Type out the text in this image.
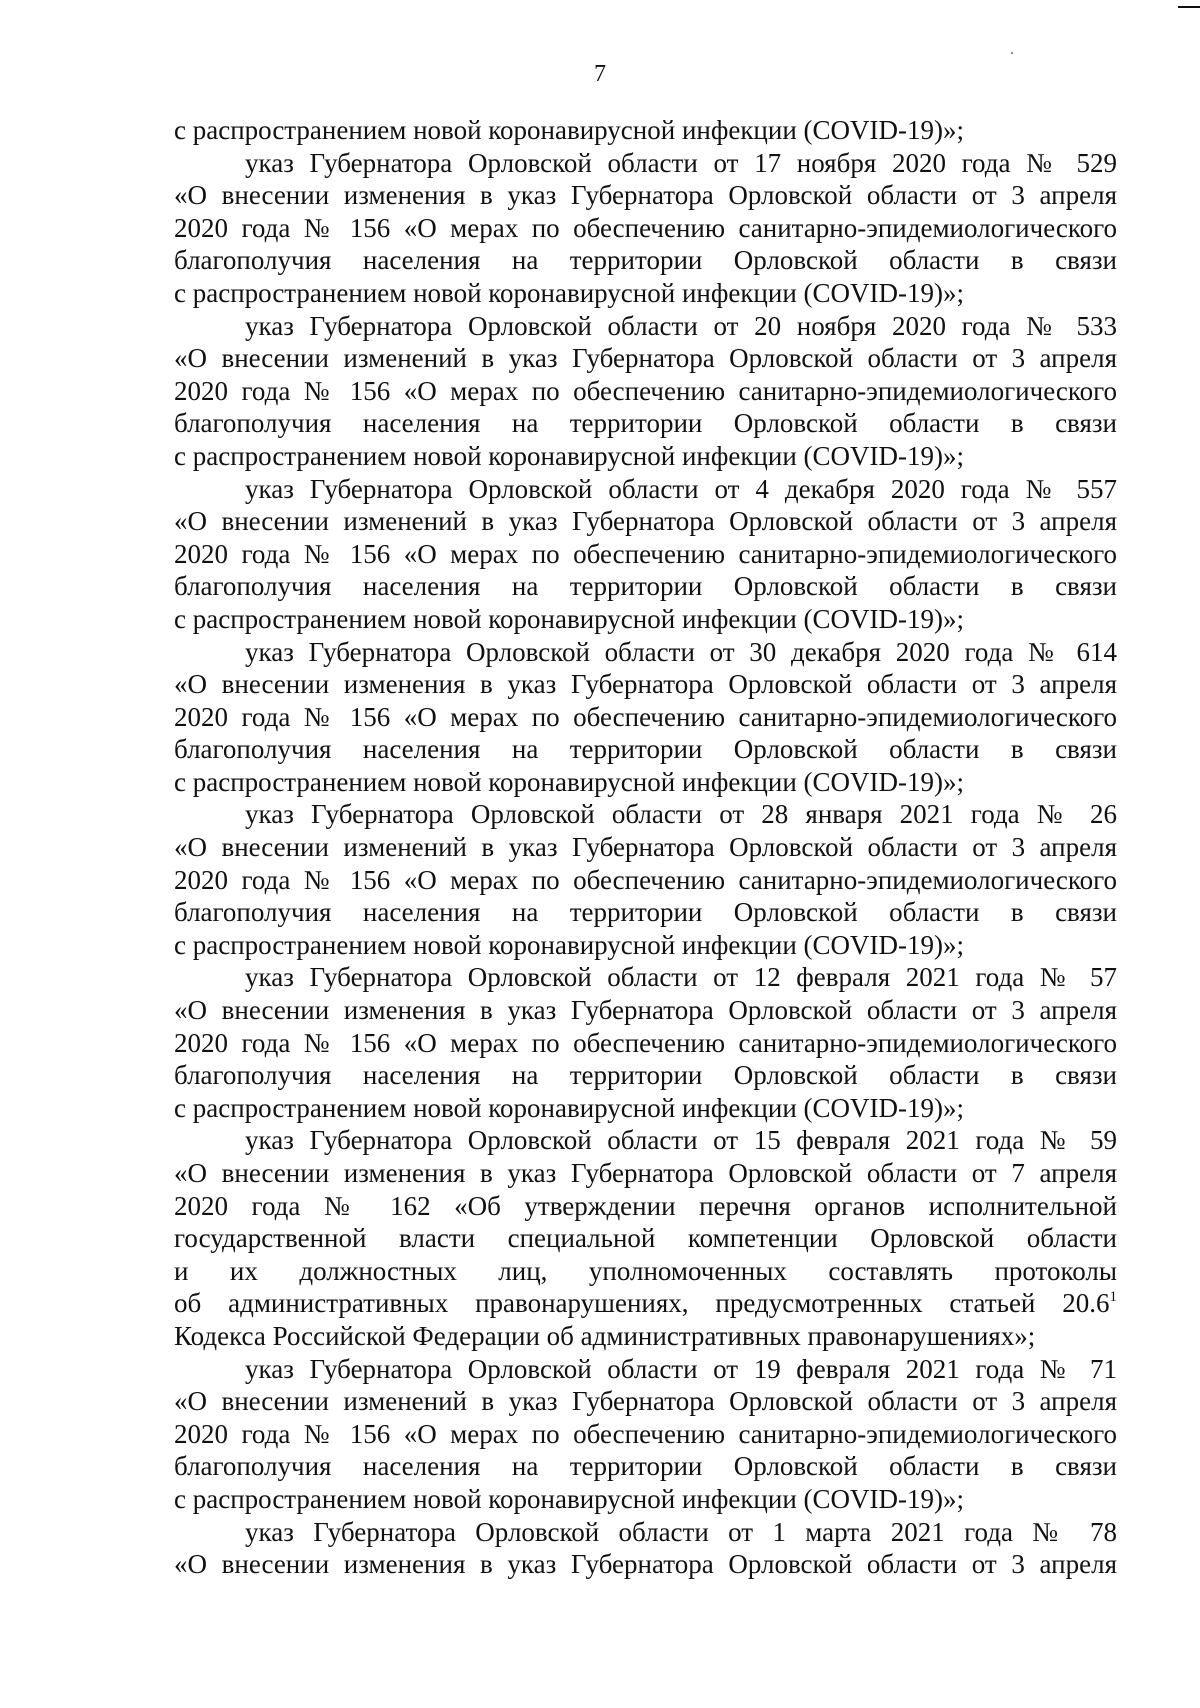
7
с распространением новой коронавирусной инфекции (COVID-19)»;
указ Губернатора Орловской области от 17 ноября 2020 года № 529
«О внесении изменения в указ Губернатора Орловской области от 3 апреля
2020 года № 156 «О мерах по обеспечению санитарно-эпидемиологического
благополучия населения на территории Орловской области в связи
с распространением новой коронавирусной инфекции (COVID-19)»;
указ Губернатора Орловской области от 20 ноября 2020 года № 533
«О внесении изменений в указ Губернатора Орловской области от 3 апреля
2020 года № 156 «О мерах по обеспечению санитарно-эпидемиологического
благополучия населения на территории Орловской области в связи
с распространением новой коронавирусной инфекции (COVID-19)»;
указ Губернатора Орловской области от 4 декабря 2020 года № 557
«О внесении изменений в указ Губернатора Орловской области от 3 апреля
2020 года № 156 «О мерах по обеспечению санитарно-эпидемиологического
благополучия населения на территории Орловской области в связи
с распространением новой коронавирусной инфекции (COVID-19)»;
указ Губернатора Орловской области от 30 декабря 2020 года № 614
«О внесении изменения в указ Губернатора Орловской области от 3 апреля
2020 года № 156 «О мерах по обеспечению санитарно-эпидемиологического
благополучия населения на территории Орловской области в связи
с распространением новой коронавирусной инфекции (COVID-19)»;
указ Губернатора Орловской области от 28 января 2021 года № 26
«О внесении изменений в указ Губернатора Орловской области от 3 апреля
2020 года № 156 «О мерах по обеспечению санитарно-эпидемиологического
благополучия населения на территории Орловской области в связи
с распространением новой коронавирусной инфекции (COVID-19)»;
указ Губернатора Орловской области от 12 февраля 2021 года № 57
«О внесении изменения в указ Губернатора Орловской области от 3 апреля
2020 года № 156 «О мерах по обеспечению санитарно-эпидемиологического
благополучия населения на территории Орловской области в связи
с распространением новой коронавирусной инфекции (COVID-19)»;
указ Губернатора Орловской области от 15 февраля 2021 года № 59
«О внесении изменения в указ Губернатора Орловской области от 7 апреля
2020 года № 162 «Об утверждении перечня органов исполнительной
государственной власти специальной компетенции Орловской области
и их должностных лиц, уполномоченных составлять протоколы
об административных правонарушениях, предусмотренных статьей 20.6$^1$
Кодекса Российской Федерации об административных правонарушениях»;
указ Губернатора Орловской области от 19 февраля 2021 года № 71
«О внесении изменений в указ Губернатора Орловской области от 3 апреля
2020 года № 156 «О мерах по обеспечению санитарно-эпидемиологического
благополучия населения на территории Орловской области в связи
с распространением новой коронавирусной инфекции (COVID-19)»;
указ Губернатора Орловской области от 1 марта 2021 года № 78
«О внесении изменения в указ Губернатора Орловской области от 3 апреля
